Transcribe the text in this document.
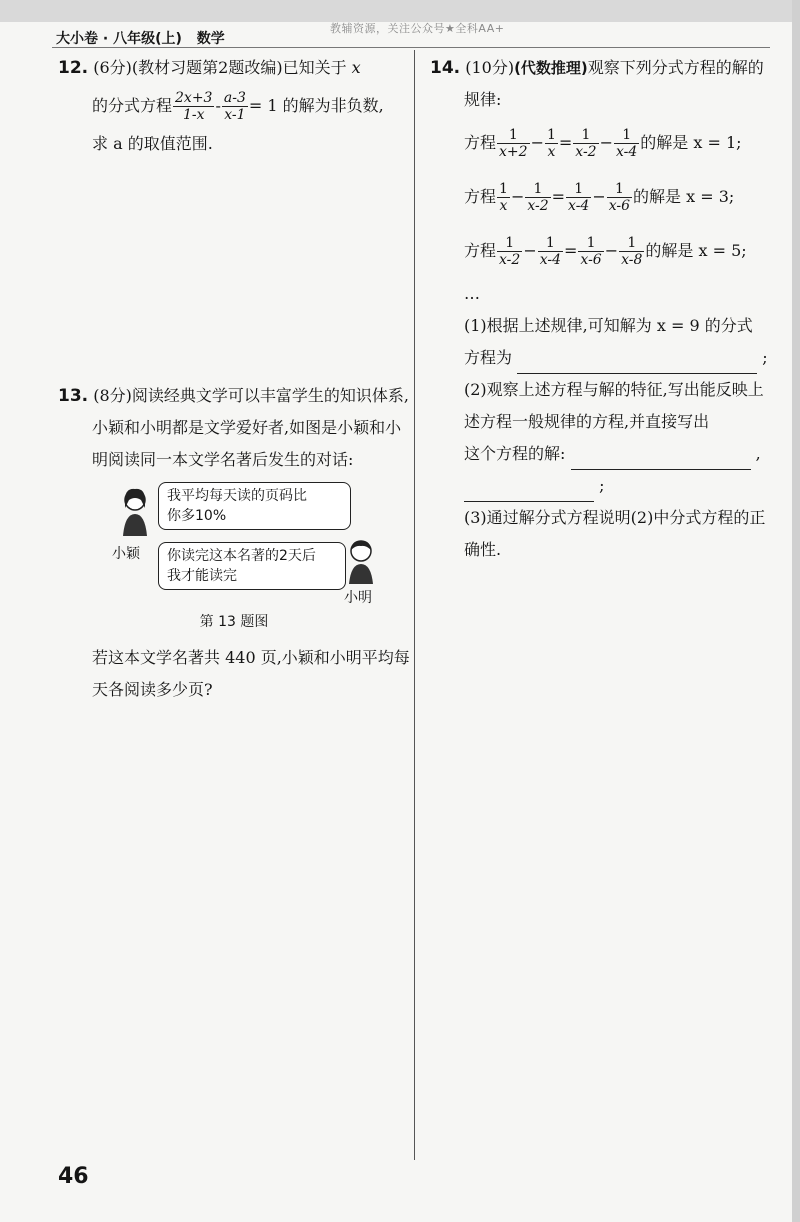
大小卷 · 八年级(上) 数学
教辅资源，关注公众号★全科AA+
12. (6分)(教材习题第2题改编)已知关于 x
的分式方程 $\frac{2x+3}{1-x} - \frac{a-3}{x-1} = 1$ 的解为非负数,
求 a 的取值范围.
13. (8分)阅读经典文学可以丰富学生的知识体系,小颖和小明都是文学爱好者,如图是小颖和小明阅读同一本文学名著后发生的对话:
我平均每天读的页码比
你多10%
小颖	你读完这本名著的2天后
我才能读完
小明
第 13 题图
若这本文学名著共 440 页,小颖和小明平均每天各阅读多少页?
14. (10分)(代数推理)观察下列分式方程的解的规律:
方程 $\frac{1}{x+2} - \frac{1}{x} = \frac{1}{x-2} - \frac{1}{x-4}$ 的解是 x = 1;
方程 $\frac{1}{x} - \frac{1}{x-2} = \frac{1}{x-4} - \frac{1}{x-6}$ 的解是 x = 3;
方程 $\frac{1}{x-2} - \frac{1}{x-4} = \frac{1}{x-6} - \frac{1}{x-8}$ 的解是 x = 5;
…
(1)根据上述规律,可知解为 x = 9 的分式
方程为	;
(2)观察上述方程与解的特征,写出能反映上述方程一般规律的方程,并直接写出
这个方程的解:	,
;
(3)通过解分式方程说明(2)中分式方程的正确性.
46
